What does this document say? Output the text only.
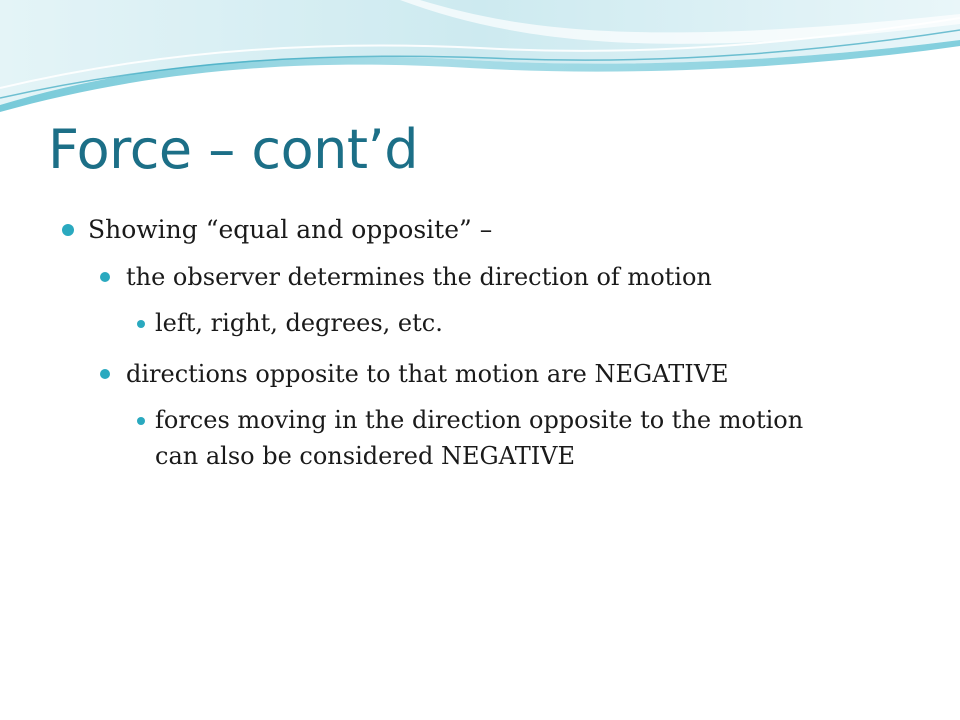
Force – cont’d

Showing “equal and opposite” –

the observer determines the direction of motion

left, right, degrees, etc.

directions opposite to that motion are NEGATIVE

forces moving in the direction opposite to the motion can also be considered NEGATIVE
